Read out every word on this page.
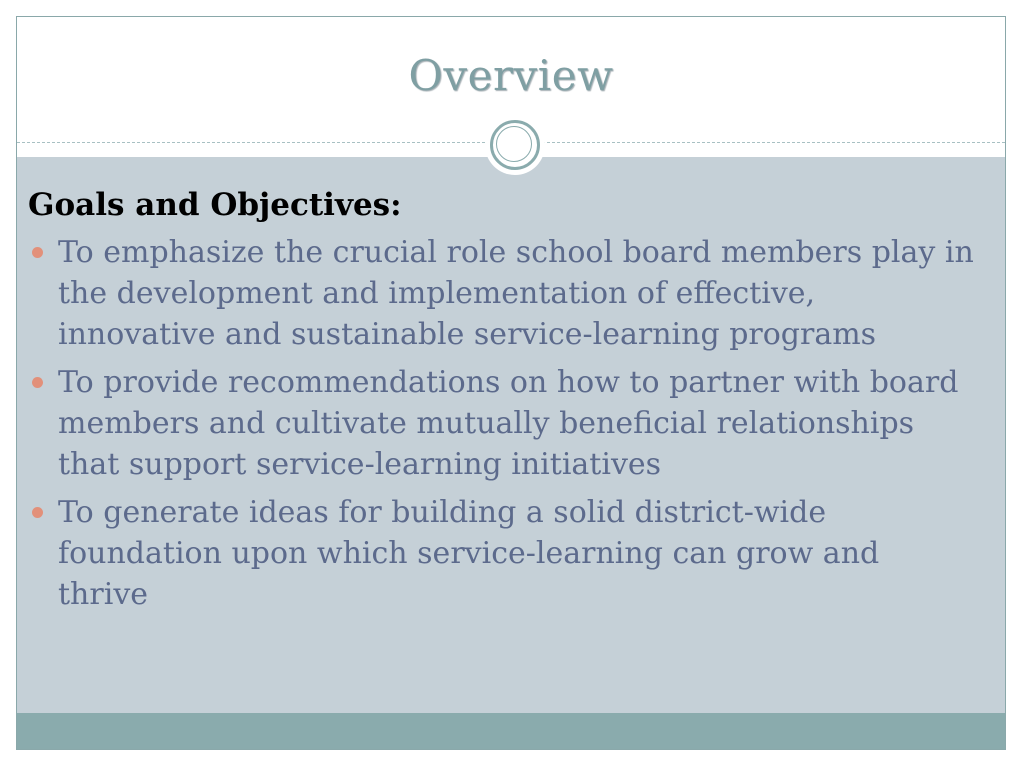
Overview
Goals and Objectives:
To emphasize the crucial role school board members play in the development and implementation of effective, innovative and sustainable service-learning programs
To provide recommendations on how to partner with board members and cultivate mutually beneficial relationships that support service-learning initiatives
To generate ideas for building a solid district-wide foundation upon which service-learning can grow and thrive
